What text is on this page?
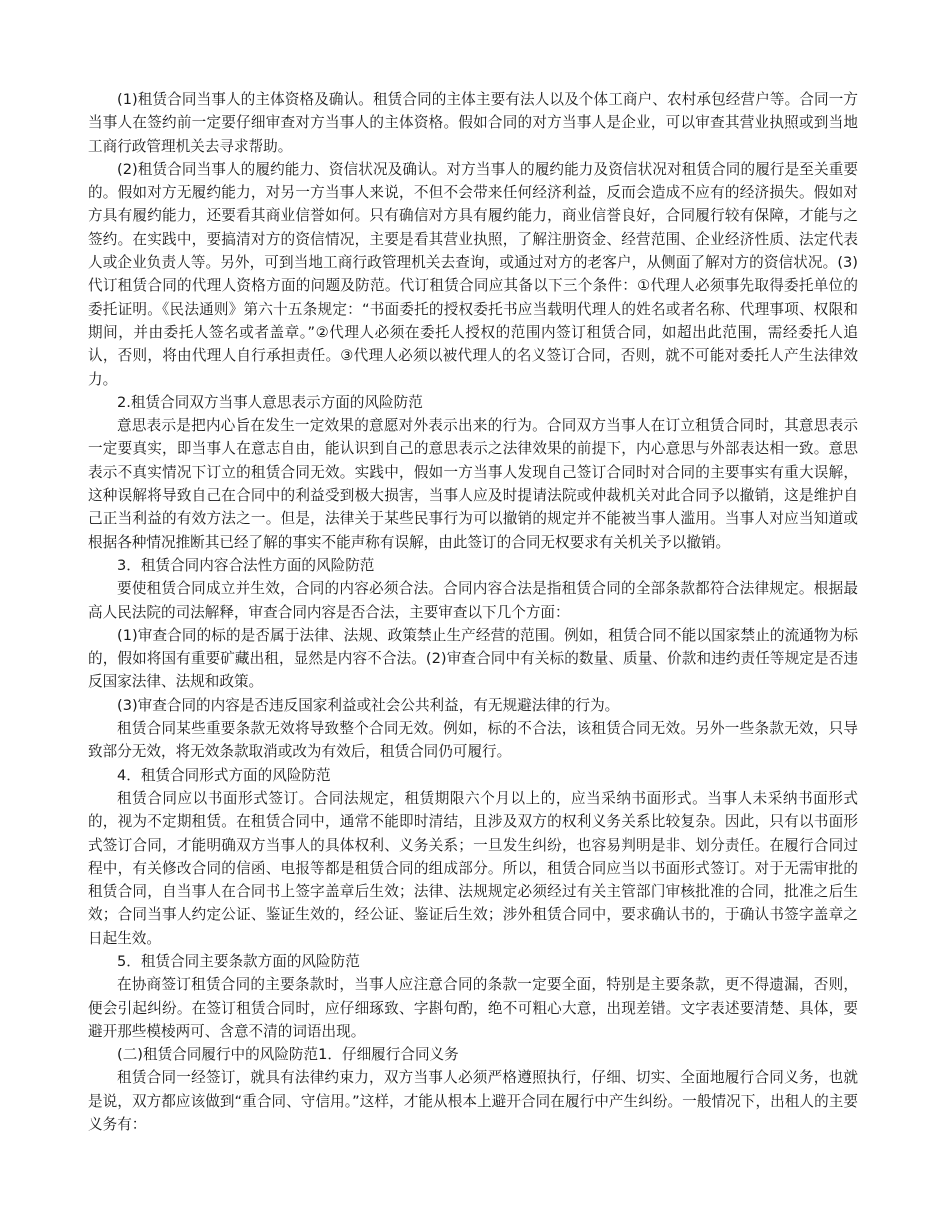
(1)租赁合同当事人的主体资格及确认。租赁合同的主体主要有法人以及个体工商户、农村承包经营户等。合同一方当事人在签约前一定要仔细审查对方当事人的主体资格。假如合同的对方当事人是企业，可以审查其营业执照或到当地工商行政管理机关去寻求帮助。

(2)租赁合同当事人的履约能力、资信状况及确认。对方当事人的履约能力及资信状况对租赁合同的履行是至关重要的。假如对方无履约能力，对另一方当事人来说，不但不会带来任何经济利益，反而会造成不应有的经济损失。假如对方具有履约能力，还要看其商业信誉如何。只有确信对方具有履约能力，商业信誉良好，合同履行较有保障，才能与之签约。在实践中，要搞清对方的资信情况，主要是看其营业执照，了解注册资金、经营范围、企业经济性质、法定代表人或企业负责人等。另外，可到当地工商行政管理机关去查询，或通过对方的老客户，从侧面了解对方的资信状况。(3)代订租赁合同的代理人资格方面的问题及防范。代订租赁合同应其备以下三个条件：①代理人必须事先取得委托单位的委托证明。《民法通则》第六十五条规定：“书面委托的授权委托书应当载明代理人的姓名或者名称、代理事项、权限和期间，并由委托人签名或者盖章。”②代理人必须在委托人授权的范围内签订租赁合同，如超出此范围，需经委托人追认，否则，将由代理人自行承担责任。③代理人必须以被代理人的名义签订合同，否则，就不可能对委托人产生法律效力。

2.租赁合同双方当事人意思表示方面的风险防范

意思表示是把内心旨在发生一定效果的意愿对外表示出来的行为。合同双方当事人在订立租赁合同时，其意思表示一定要真实，即当事人在意志自由，能认识到自己的意思表示之法律效果的前提下，内心意思与外部表达相一致。意思表示不真实情况下订立的租赁合同无效。实践中，假如一方当事人发现自己签订合同时对合同的主要事实有重大误解，这种误解将导致自己在合同中的利益受到极大损害，当事人应及时提请法院或仲裁机关对此合同予以撤销，这是维护自己正当利益的有效方法之一。但是，法律关于某些民事行为可以撤销的规定并不能被当事人滥用。当事人对应当知道或根据各种情况推断其已经了解的事实不能声称有误解，由此签订的合同无权要求有关机关予以撤销。

3．租赁合同内容合法性方面的风险防范

要使租赁合同成立并生效，合同的内容必须合法。合同内容合法是指租赁合同的全部条款都符合法律规定。根据最高人民法院的司法解释，审查合同内容是否合法，主要审查以下几个方面：

(1)审查合同的标的是否属于法律、法规、政策禁止生产经营的范围。例如，租赁合同不能以国家禁止的流通物为标的，假如将国有重要矿藏出租，显然是内容不合法。(2)审查合同中有关标的数量、质量、价款和违约责任等规定是否违反国家法律、法规和政策。

(3)审查合同的内容是否违反国家利益或社会公共利益，有无规避法律的行为。

租赁合同某些重要条款无效将导致整个合同无效。例如，标的不合法，该租赁合同无效。另外一些条款无效，只导致部分无效，将无效条款取消或改为有效后，租赁合同仍可履行。

4．租赁合同形式方面的风险防范

租赁合同应以书面形式签订。合同法规定，租赁期限六个月以上的，应当采纳书面形式。当事人未采纳书面形式的，视为不定期租赁。在租赁合同中，通常不能即时清结，且涉及双方的权利义务关系比较复杂。因此，只有以书面形式签订合同，才能明确双方当事人的具体权利、义务关系；一旦发生纠纷，也容易判明是非、划分责任。在履行合同过程中，有关修改合同的信函、电报等都是租赁合同的组成部分。所以，租赁合同应当以书面形式签订。对于无需审批的租赁合同，自当事人在合同书上签字盖章后生效；法律、法规规定必须经过有关主管部门审核批准的合同，批准之后生效；合同当事人约定公证、鉴证生效的，经公证、鉴证后生效；涉外租赁合同中，要求确认书的，于确认书签字盖章之日起生效。

5．租赁合同主要条款方面的风险防范

在协商签订租赁合同的主要条款时，当事人应注意合同的条款一定要全面，特别是主要条款，更不得遗漏，否则，便会引起纠纷。在签订租赁合同时，应仔细琢致、字斟句酌，绝不可粗心大意，出现差错。文字表述要清楚、具体，要避开那些模棱两可、含意不清的词语出现。

(二)租赁合同履行中的风险防范1．仔细履行合同义务

租赁合同一经签订，就具有法律约束力，双方当事人必须严格遵照执行，仔细、切实、全面地履行合同义务，也就是说，双方都应该做到“重合同、守信用。”这样，才能从根本上避开合同在履行中产生纠纷。一般情况下，出租人的主要义务有：
